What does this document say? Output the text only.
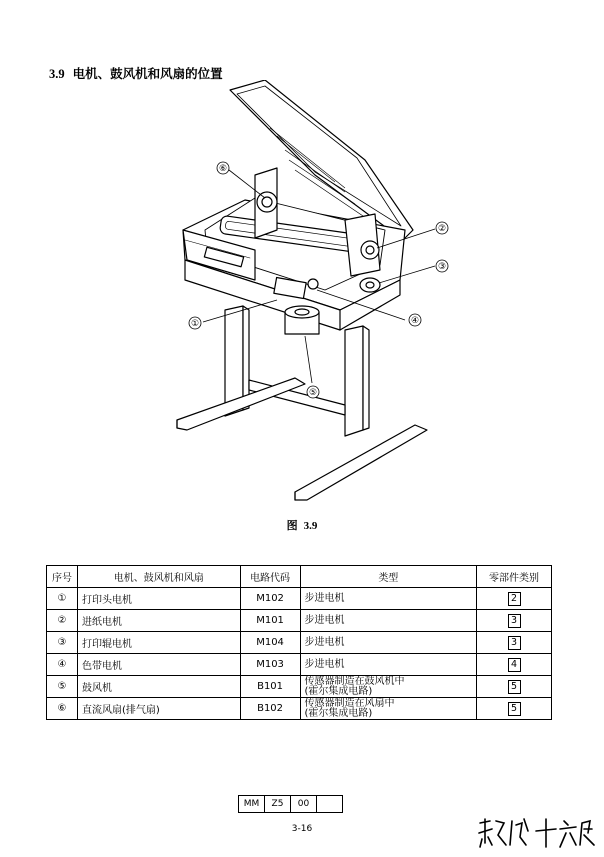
3.9 电机、鼓风机和风扇的位置
⑥
②
③
①	④
⑤
图 3.9
序号	电机、鼓风机和风扇	电路代码	类型	零部件类别
①	打印头电机	M102	步进电机	2
②	进纸电机	M101	步进电机	3
③	打印辊电机	M104	步进电机	3
④	色带电机	M103	步进电机	4
⑤	鼓风机	B101	传感器制造在鼓风机中
(霍尔集成电路)	5
⑥	直流风扇(排气扇)	B102	传感器制造在风扇中
(霍尔集成电路)	5
MM	Z5	00	
3-16
